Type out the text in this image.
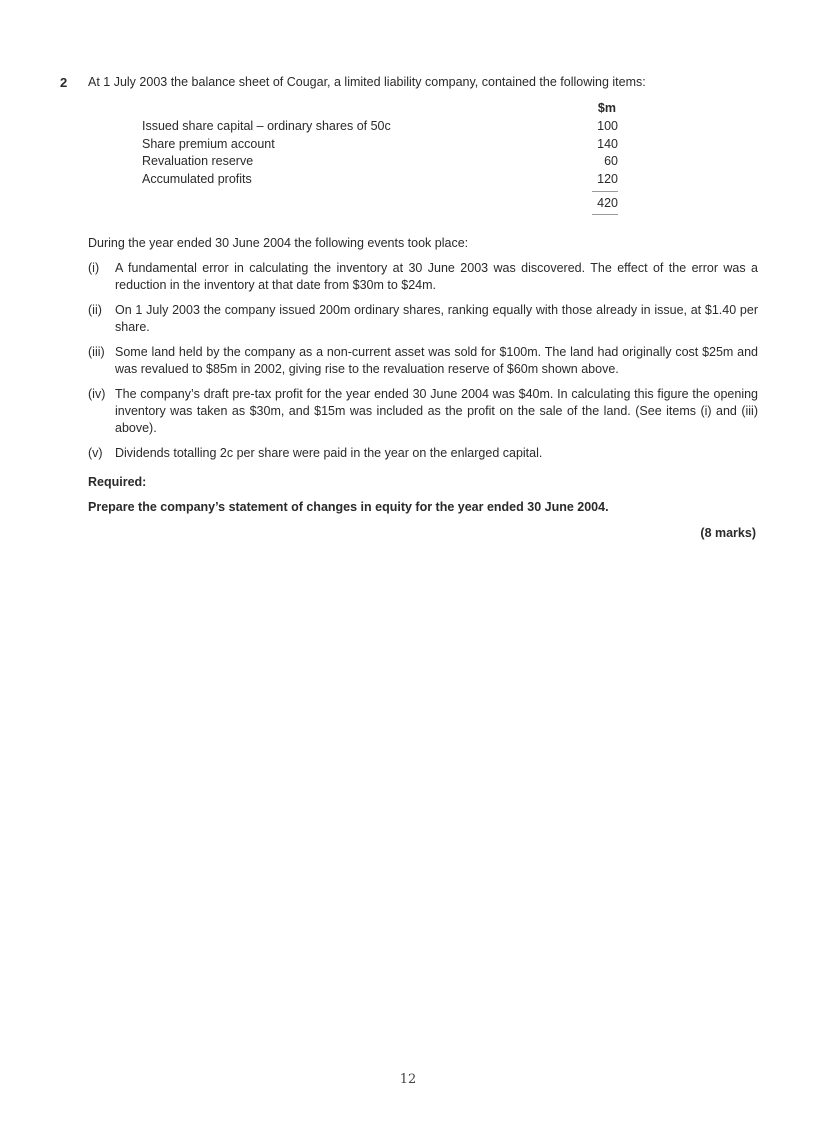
2 At 1 July 2003 the balance sheet of Cougar, a limited liability company, contained the following items:
$m
Issued share capital – ordinary shares of 50c	100
Share premium account	140
Revaluation reserve	60
Accumulated profits	120
420
During the year ended 30 June 2004 the following events took place:
(i)	A fundamental error in calculating the inventory at 30 June 2003 was discovered. The effect of the error was a reduction in the inventory at that date from $30m to $24m.
(ii)	On 1 July 2003 the company issued 200m ordinary shares, ranking equally with those already in issue, at $1.40 per share.
(iii) Some land held by the company as a non-current asset was sold for $100m. The land had originally cost $25m and was revalued to $85m in 2002, giving rise to the revaluation reserve of $60m shown above.
(iv) The company’s draft pre-tax profit for the year ended 30 June 2004 was $40m. In calculating this figure the opening inventory was taken as $30m, and $15m was included as the profit on the sale of the land. (See items (i) and (iii) above).
(v) Dividends totalling 2c per share were paid in the year on the enlarged capital.
Required:
Prepare the company’s statement of changes in equity for the year ended 30 June 2004.
(8 marks)
12
